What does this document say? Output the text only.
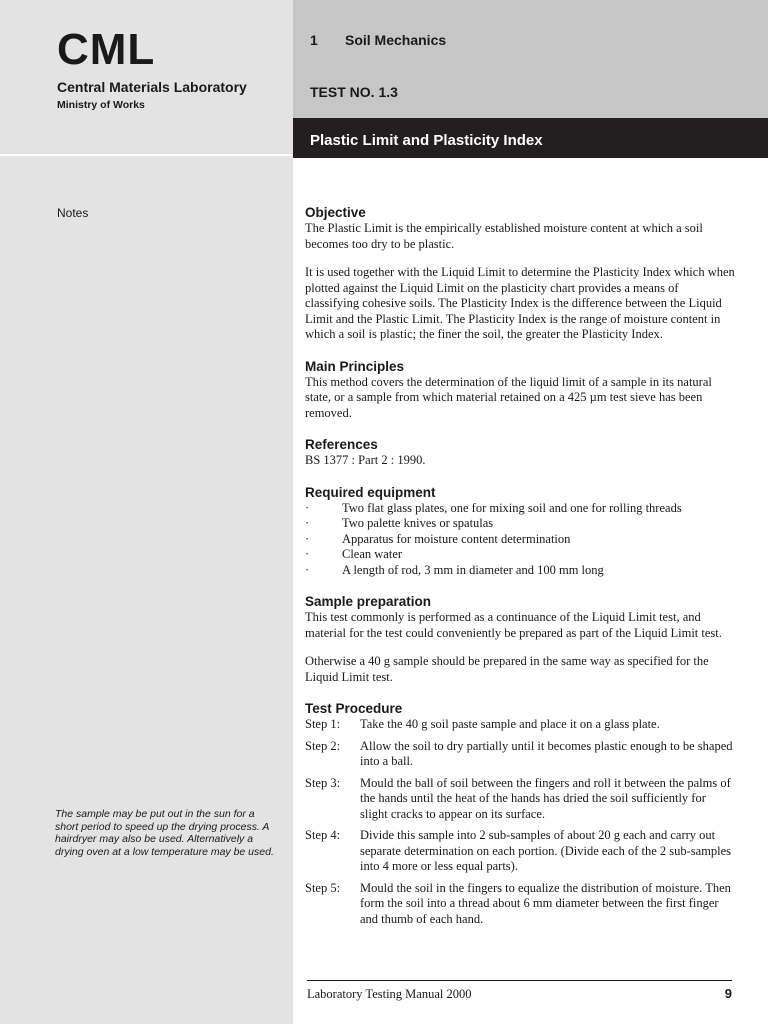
CML
Central Materials Laboratory
Ministry of Works
Notes
The sample may be put out in the sun for a short period to speed up the drying process. A hairdryer may also be used. Alternatively a drying oven at a low temperature may be used.
1 Soil Mechanics
TEST NO. 1.3
Plastic Limit and Plasticity Index
Objective
The Plastic Limit is the empirically established moisture content at which a soil becomes too dry to be plastic.
It is used together with the Liquid Limit to determine the Plasticity Index which when plotted against the Liquid Limit on the plasticity chart provides a means of classifying cohesive soils. The Plasticity Index is the difference between the Liquid Limit and the Plastic Limit. The Plasticity Index is the range of moisture content in which a soil is plastic; the finer the soil, the greater the Plasticity Index.
Main Principles
This method covers the determination of the liquid limit of a sample in its natural state, or a sample from which material retained on a 425 µm test sieve has been removed.
References
BS 1377 : Part 2 : 1990.
Required equipment
·	Two flat glass plates, one for mixing soil and one for rolling threads
·	Two palette knives or spatulas
·	Apparatus for moisture content determination
·	Clean water
·	A length of rod, 3 mm in diameter and 100 mm long
Sample preparation
This test commonly is performed as a continuance of the Liquid Limit test, and material for the test could conveniently be prepared as part of the Liquid Limit test.
Otherwise a 40 g sample should be prepared in the same way as specified for the Liquid Limit test.
Test Procedure
Step 1:	Take the 40 g soil paste sample and place it on a glass plate.
Step 2:	Allow the soil to dry partially until it becomes plastic enough to be shaped into a ball.
Step 3:	Mould the ball of soil between the fingers and roll it between the palms of the hands until the heat of the hands has dried the soil sufficiently for slight cracks to appear on its surface.
Step 4:	Divide this sample into 2 sub-samples of about 20 g each and carry out separate determination on each portion. (Divide each of the 2 sub-samples into 4 more or less equal parts).
Step 5:	Mould the soil in the fingers to equalize the distribution of moisture. Then form the soil into a thread about 6 mm diameter between the first finger and thumb of each hand.
Laboratory Testing Manual 2000	9
